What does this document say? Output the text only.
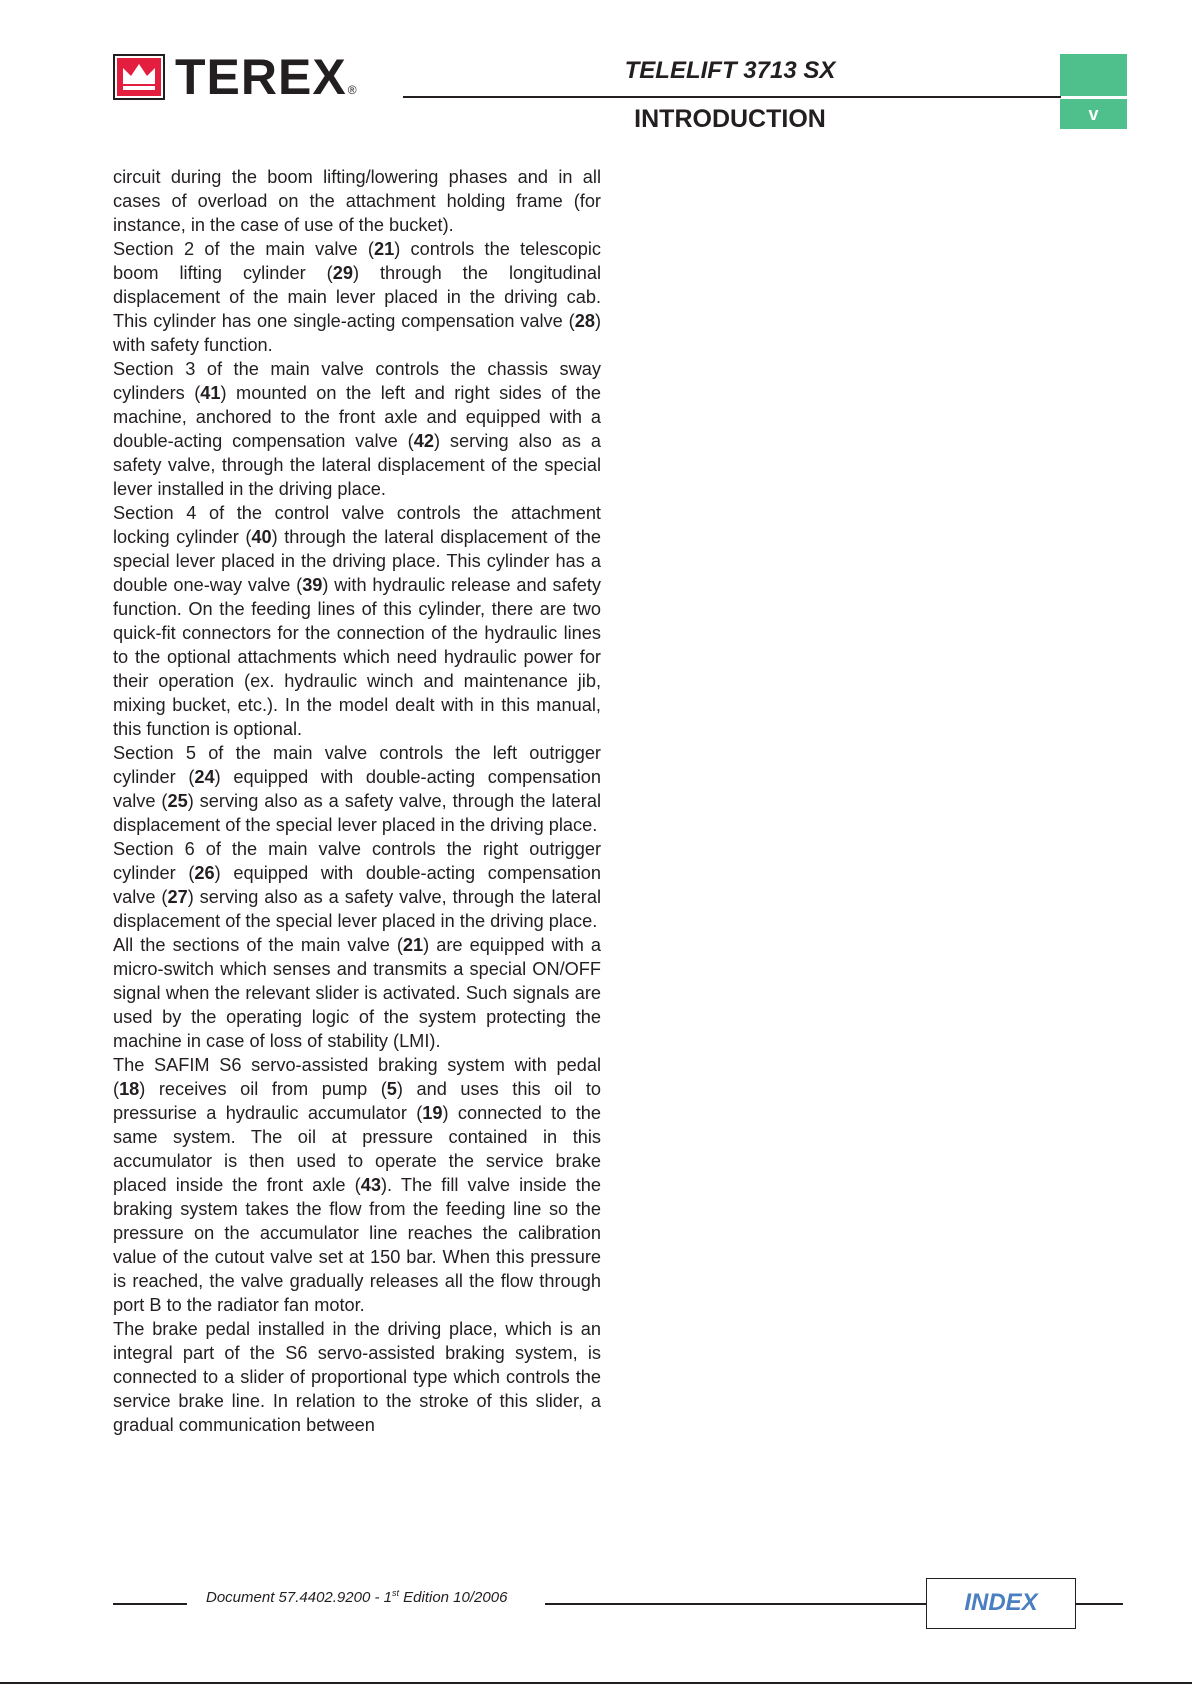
TEREX ®
TELELIFT 3713 SX
INTRODUCTION	v

circuit during the boom lifting/lowering phases and in all cases of overload on the attachment holding frame (for instance, in the case of use of the bucket).

Section 2 of the main valve (21) controls the telescopic boom lifting cylinder (29) through the longitudinal displacement of the main lever placed in the driving cab. This cylinder has one single-acting compensation valve (28) with safety function.

Section 3 of the main valve controls the chassis sway cylinders (41) mounted on the left and right sides of the machine, anchored to the front axle and equipped with a double-acting compensation valve (42) serving also as a safety valve, through the lateral displacement of the special lever installed in the driving place.

Section 4 of the control valve controls the attachment locking cylinder (40) through the lateral displacement of the special lever placed in the driving place. This cylinder has a double one-way valve (39) with hydraulic release and safety function. On the feeding lines of this cylinder, there are two quick-fit connectors for the connection of the hydraulic lines to the optional attachments which need hydraulic power for their operation (ex. hydraulic winch and maintenance jib, mixing bucket, etc.). In the model dealt with in this manual, this function is optional.

Section 5 of the main valve controls the left outrigger cylinder (24) equipped with double-acting compensation valve (25) serving also as a safety valve, through the lateral displacement of the special lever placed in the driving place.

Section 6 of the main valve controls the right outrigger cylinder (26) equipped with double-acting compensation valve (27) serving also as a safety valve, through the lateral displacement of the special lever placed in the driving place.

All the sections of the main valve (21) are equipped with a micro-switch which senses and transmits a special ON/OFF signal when the relevant slider is activated. Such signals are used by the operating logic of the system protecting the machine in case of loss of stability (LMI).

The SAFIM S6 servo-assisted braking system with pedal (18) receives oil from pump (5) and uses this oil to pressurise a hydraulic accumulator (19) connected to the same system. The oil at pressure contained in this accumulator is then used to operate the service brake placed inside the front axle (43). The fill valve inside the braking system takes the flow from the feeding line so the pressure on the accumulator line reaches the calibration value of the cutout valve set at 150 bar. When this pressure is reached, the valve gradually releases all the flow through port B to the radiator fan motor.

The brake pedal installed in the driving place, which is an integral part of the S6 servo-assisted braking system, is connected to a slider of proportional type which controls the service brake line. In relation to the stroke of this slider, a gradual communication between

Document 57.4402.9200 - 1st Edition 10/2006	INDEX
